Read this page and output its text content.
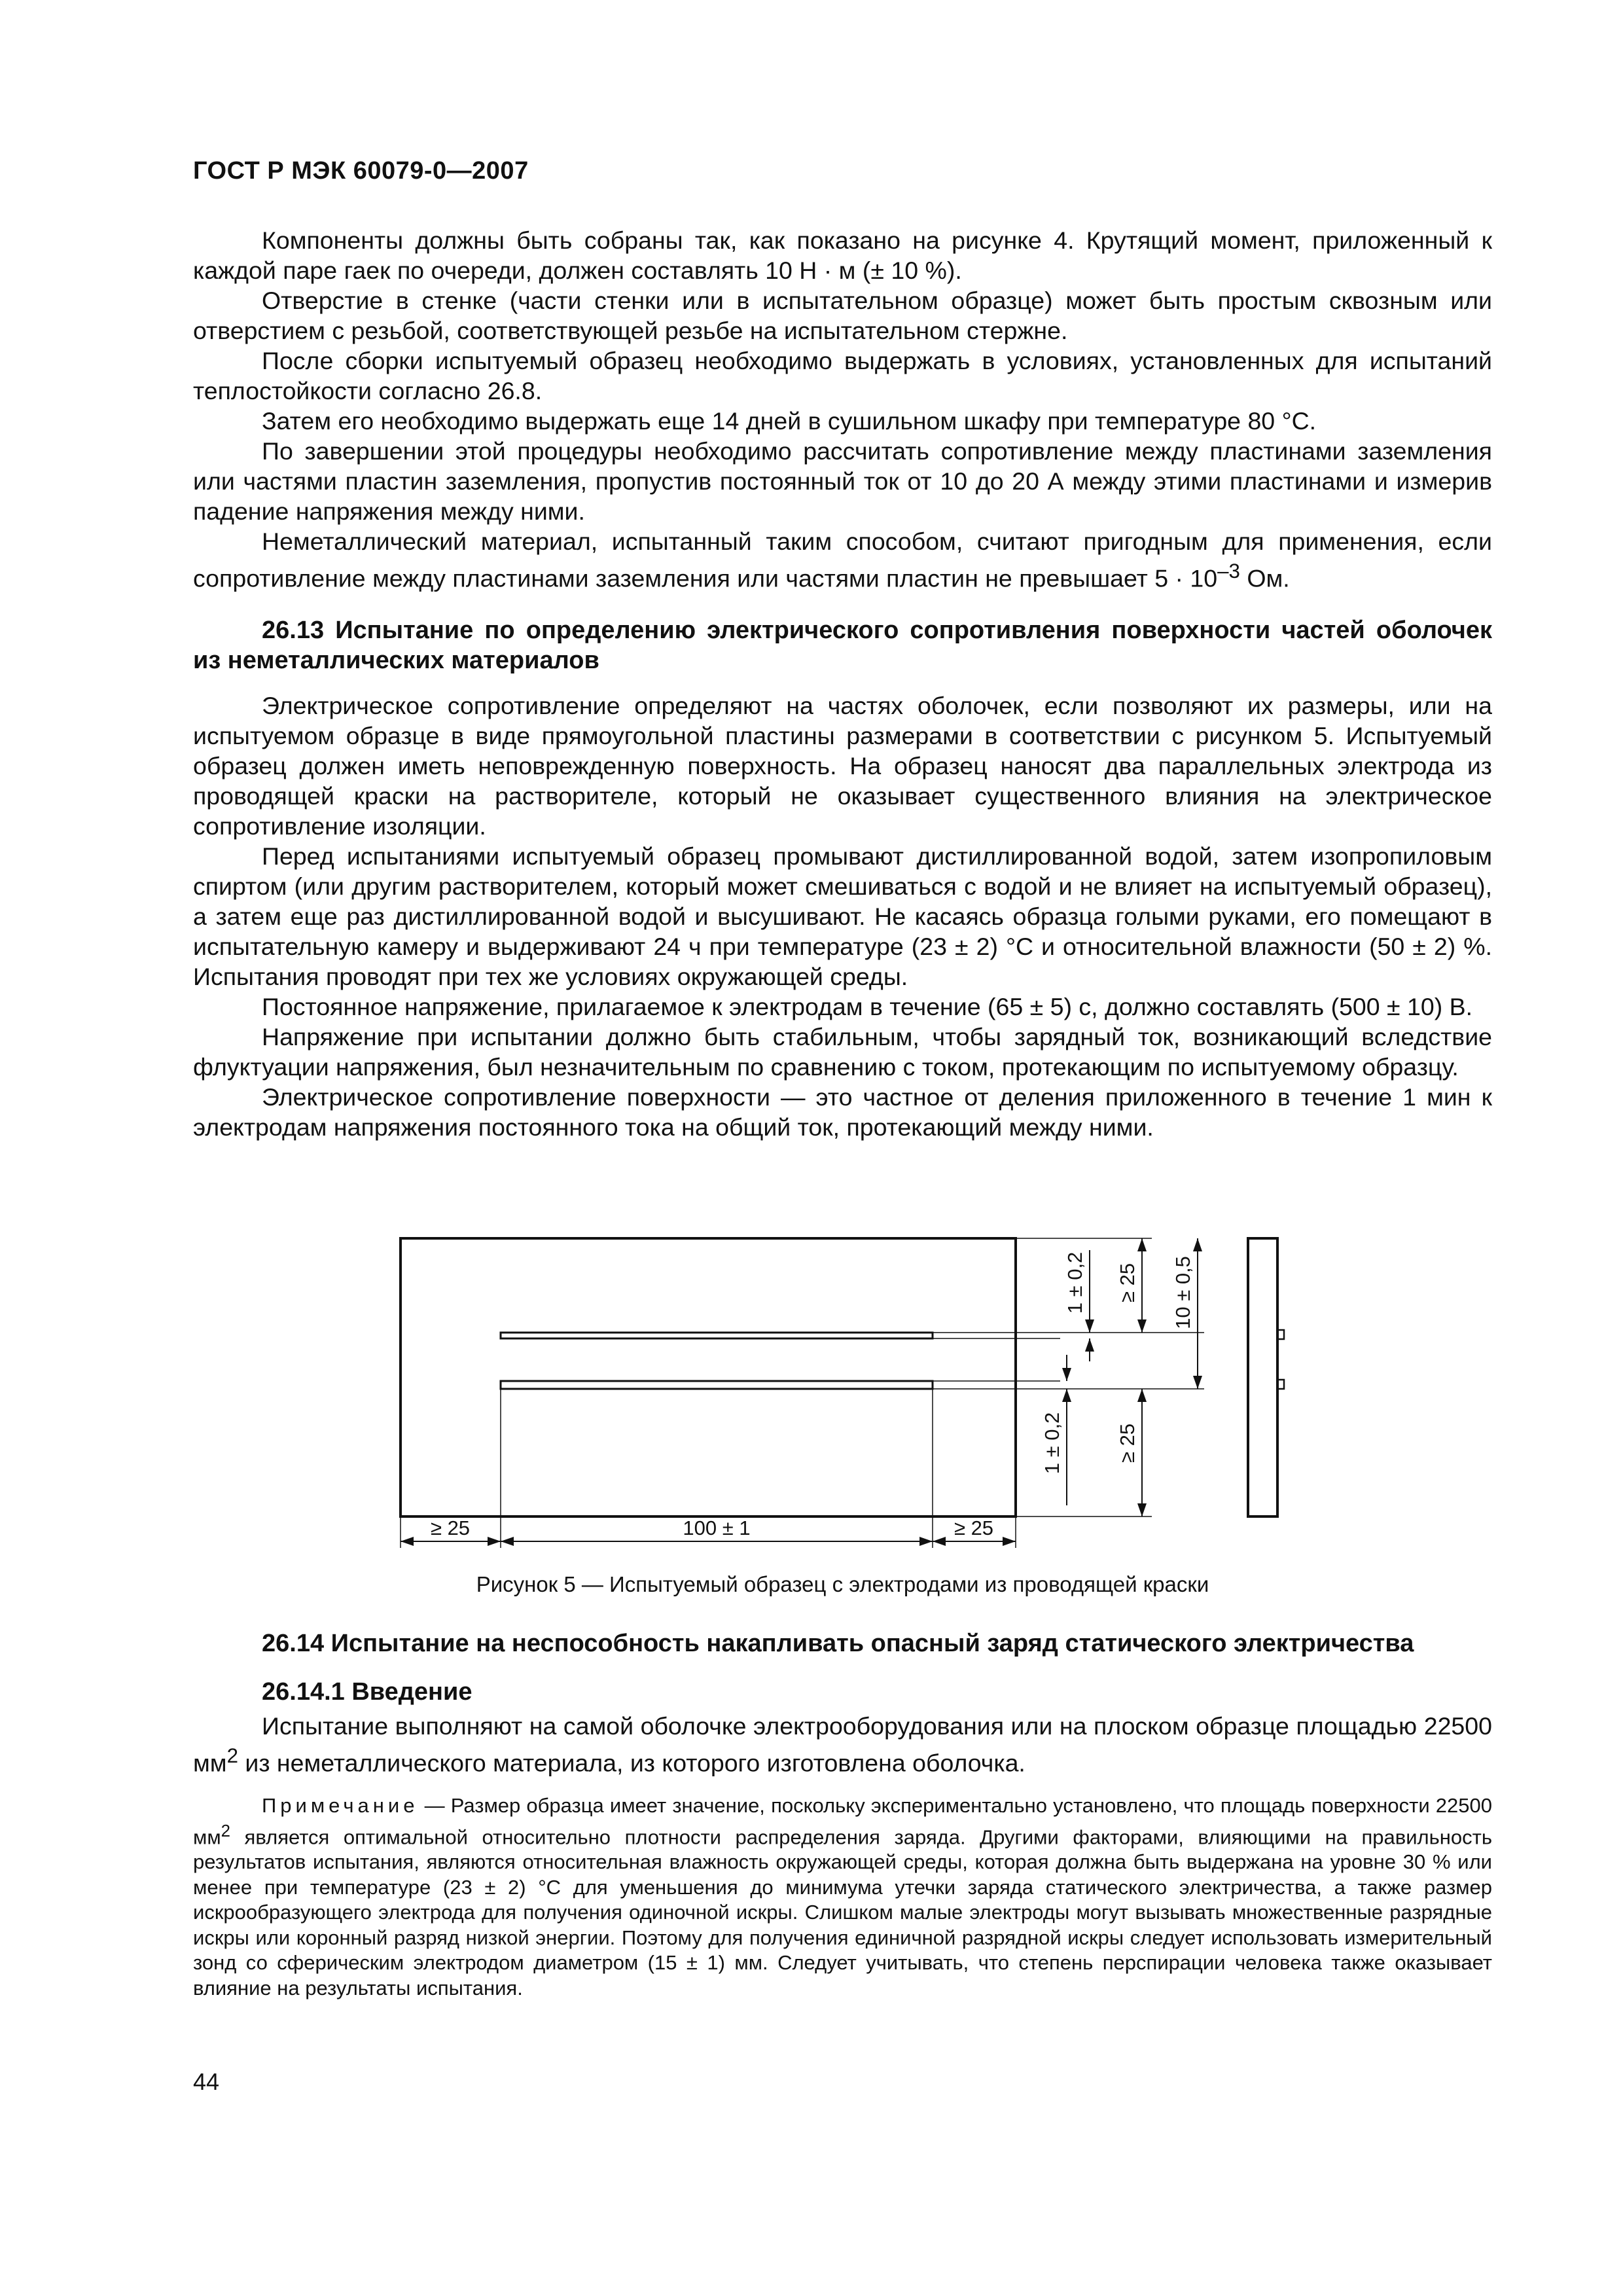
ГОСТ Р МЭК 60079-0—2007

Компоненты должны быть собраны так, как показано на рисунке 4. Крутящий момент, приложенный к каждой паре гаек по очереди, должен составлять 10 Н · м (± 10 %).

Отверстие в стенке (части стенки или в испытательном образце) может быть простым сквозным или отверстием с резьбой, соответствующей резьбе на испытательном стержне.

После сборки испытуемый образец необходимо выдержать в условиях, установленных для испытаний теплостойкости согласно 26.8.

Затем его необходимо выдержать еще 14 дней в сушильном шкафу при температуре 80 °С.

По завершении этой процедуры необходимо рассчитать сопротивление между пластинами заземления или частями пластин заземления, пропустив постоянный ток от 10 до 20 А между этими пластинами и измерив падение напряжения между ними.

Неметаллический материал, испытанный таким способом, считают пригодным для применения, если сопротивление между пластинами заземления или частями пластин не превышает $5 \cdot 10^{-3}$ Ом.

26.13 Испытание по определению электрического сопротивления поверхности частей оболочек из неметаллических материалов

Электрическое сопротивление определяют на частях оболочек, если позволяют их размеры, или на испытуемом образце в виде прямоугольной пластины размерами в соответствии с рисунком 5. Испытуемый образец должен иметь неповрежденную поверхность. На образец наносят два параллельных электрода из проводящей краски на растворителе, который не оказывает существенного влияния на электрическое сопротивление изоляции.

Перед испытаниями испытуемый образец промывают дистиллированной водой, затем изопропиловым спиртом (или другим растворителем, который может смешиваться с водой и не влияет на испытуемый образец), а затем еще раз дистиллированной водой и высушивают. Не касаясь образца голыми руками, его помещают в испытательную камеру и выдерживают 24 ч при температуре (23 ± 2) °С и относительной влажности (50 ± 2) %. Испытания проводят при тех же условиях окружающей среды.

Постоянное напряжение, прилагаемое к электродам в течение (65 ± 5) с, должно составлять (500 ± 10) В.

Напряжение при испытании должно быть стабильным, чтобы зарядный ток, возникающий вследствие флуктуации напряжения, был незначительным по сравнению с током, протекающим по испытуемому образцу.

Электрическое сопротивление поверхности — это частное от деления приложенного в течение 1 мин к электродам напряжения постоянного тока на общий ток, протекающий между ними.

≥ 25	100 ± 1	≥ 25
1 ± 0,2 ≥ 25 10 ± 0,5
1 ± 0,2	≥ 25
Рисунок 5 — Испытуемый образец с электродами из проводящей краски

26.14 Испытание на неспособность накапливать опасный заряд статического электричества

26.14.1 Введение

Испытание выполняют на самой оболочке электрооборудования или на плоском образце площадью 22500 $мм^2$ из неметаллического материала, из которого изготовлена оболочка.

Примечание — Размер образца имеет значение, поскольку экспериментально установлено, что площадь поверхности 22500 $мм^2$ является оптимальной относительно плотности распределения заряда. Другими факторами, влияющими на правильность результатов испытания, являются относительная влажность окружающей среды, которая должна быть выдержана на уровне 30 % или менее при температуре (23 ± 2) °С для уменьшения до минимума утечки заряда статического электричества, а также размер искрообразующего электрода для получения одиночной искры. Слишком малые электроды могут вызывать множественные разрядные искры или коронный разряд низкой энергии. Поэтому для получения единичной разрядной искры следует использовать измерительный зонд со сферическим электродом диаметром (15 ± 1) мм. Следует учитывать, что степень перспирации человека также оказывает влияние на результаты испытания.

44
